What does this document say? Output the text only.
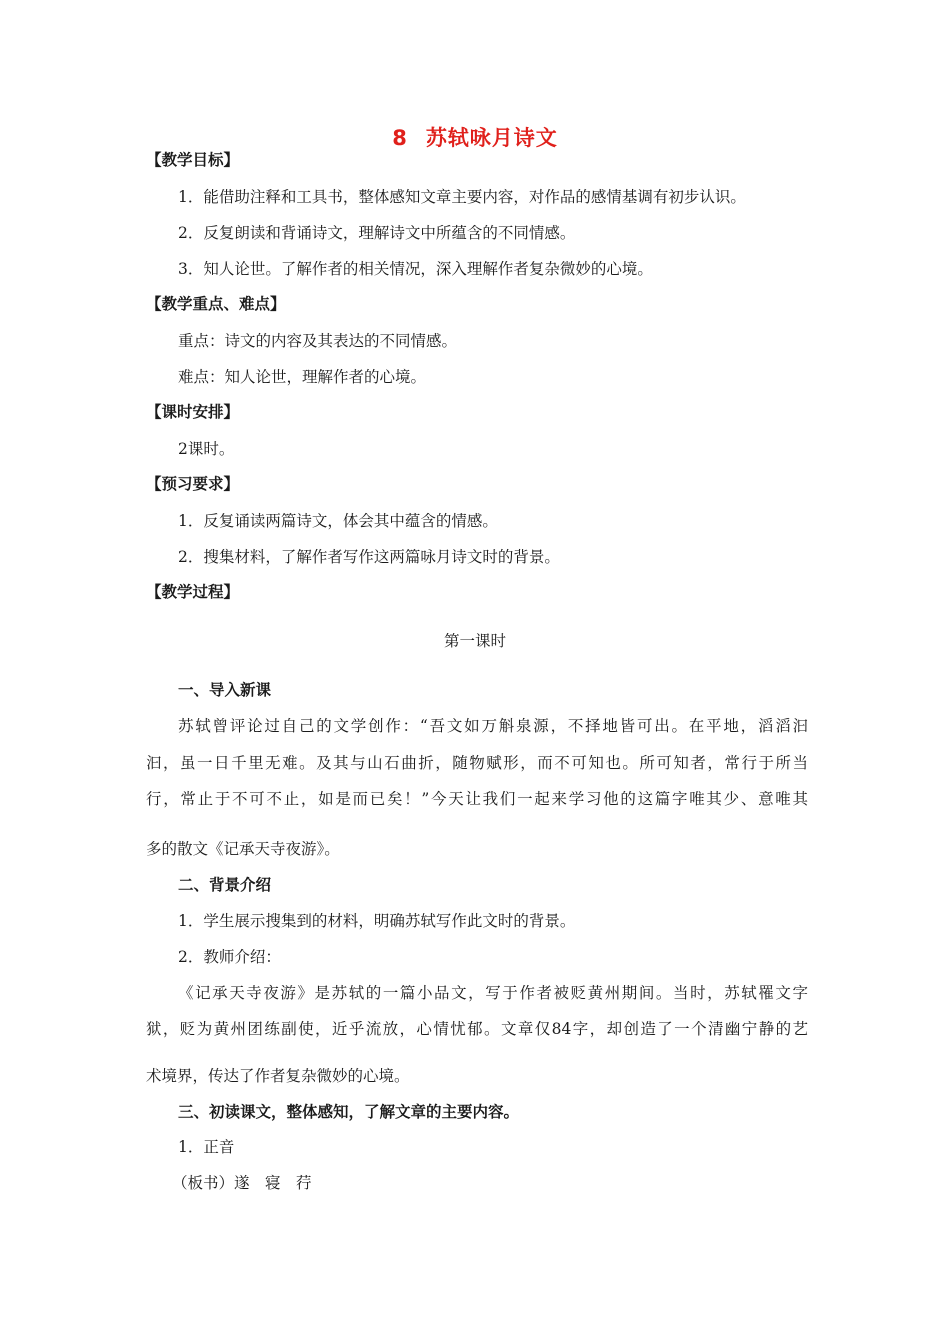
8 苏轼咏月诗文
【教学目标】
1．能借助注释和工具书，整体感知文章主要内容，对作品的感情基调有初步认识。
2．反复朗读和背诵诗文，理解诗文中所蕴含的不同情感。
3．知人论世。了解作者的相关情况，深入理解作者复杂微妙的心境。
【教学重点、难点】
重点：诗文的内容及其表达的不同情感。
难点：知人论世，理解作者的心境。
【课时安排】
2课时。
【预习要求】
1．反复诵读两篇诗文，体会其中蕴含的情感。
2．搜集材料，了解作者写作这两篇咏月诗文时的背景。
【教学过程】
第一课时
一、导入新课
苏轼曾评论过自己的文学创作：“吾文如万斛泉源，不择地皆可出。在平地，滔滔汩
汩，虽一日千里无难。及其与山石曲折，随物赋形，而不可知也。所可知者，常行于所当
行，常止于不可不止，如是而已矣！”今天让我们一起来学习他的这篇字唯其少、意唯其
多的散文《记承天寺夜游》。
二、背景介绍
1．学生展示搜集到的材料，明确苏轼写作此文时的背景。
2．教师介绍：
《记承天寺夜游》是苏轼的一篇小品文，写于作者被贬黄州期间。当时，苏轼罹文字
狱，贬为黄州团练副使，近乎流放，心情忧郁。文章仅84字，却创造了一个清幽宁静的艺
术境界，传达了作者复杂微妙的心境。
三、初读课文，整体感知，了解文章的主要内容。
1．正音
（板书）遂　寝　荇
